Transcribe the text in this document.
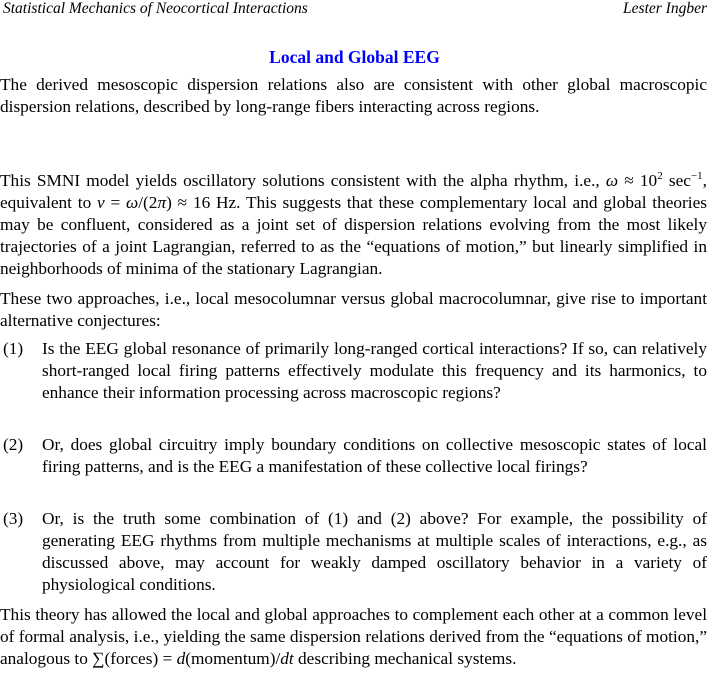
Statistical Mechanics of Neocortical Interactions	Lester Ingber
Local and Global EEG

The derived mesoscopic dispersion relations also are consistent with other global macroscopic dispersion relations, described by long-range fibers interacting across regions.

This SMNI model yields oscillatory solutions consistent with the alpha rhythm, i.e., $\omega \approx 10^2$ $\sec^{-1}$, equivalent to ν = ω/(2π) ≈ 16 Hz. This suggests that these complementary local and global theories may be confluent, considered as a joint set of dispersion relations evolving from the most likely trajectories of a joint Lagrangian, referred to as the “equations of motion,” but linearly simplified in neighborhoods of minima of the stationary Lagrangian.

These two approaches, i.e., local mesocolumnar versus global macrocolumnar, give rise to important alternative conjectures:

(1) Is the EEG global resonance of primarily long-ranged cortical interactions? If so, can relatively short-ranged local firing patterns effectively modulate this frequency and its harmonics, to enhance their information processing across macroscopic regions?
(2) Or, does global circuitry imply boundary conditions on collective mesoscopic states of local firing patterns, and is the EEG a manifestation of these collective local firings?
(3) Or, is the truth some combination of (1) and (2) above? For example, the possibility of generating EEG rhythms from multiple mechanisms at multiple scales of interactions, e.g., as discussed above, may account for weakly damped oscillatory behavior in a variety of physiological conditions.

This theory has allowed the local and global approaches to complement each other at a common level of formal analysis, i.e., yielding the same dispersion relations derived from the “equations of motion,” analogous to ∑(forces) = d(momentum)/dt describing mechanical systems.
